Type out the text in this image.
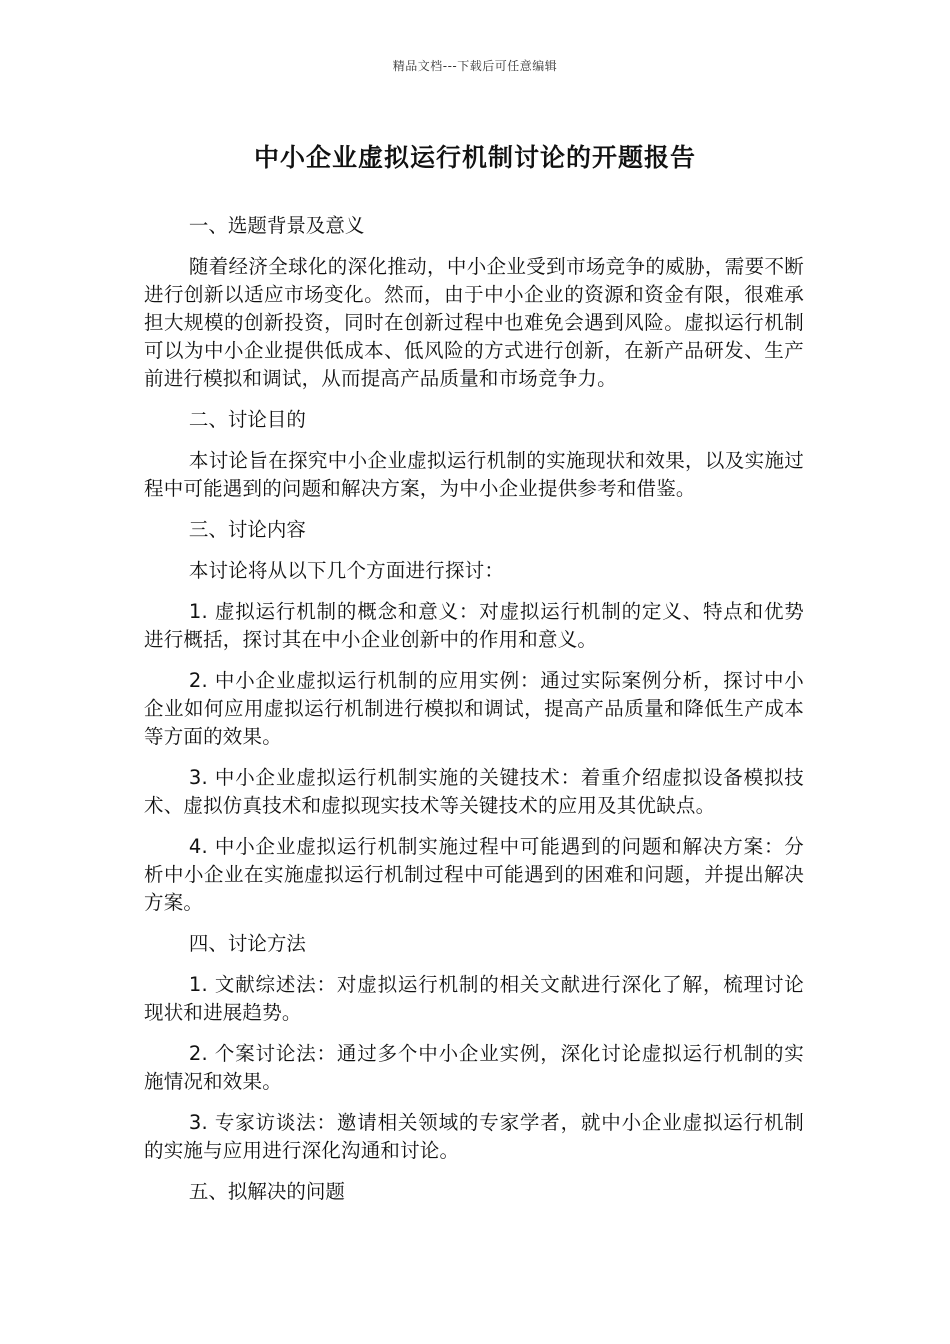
精品文档---下载后可任意编辑
中小企业虚拟运行机制讨论的开题报告

一、选题背景及意义

随着经济全球化的深化推动，中小企业受到市场竞争的威胁，需要不断进行创新以适应市场变化。然而，由于中小企业的资源和资金有限，很难承担大规模的创新投资，同时在创新过程中也难免会遇到风险。虚拟运行机制可以为中小企业提供低成本、低风险的方式进行创新，在新产品研发、生产前进行模拟和调试，从而提高产品质量和市场竞争力。

二、讨论目的

本讨论旨在探究中小企业虚拟运行机制的实施现状和效果，以及实施过程中可能遇到的问题和解决方案，为中小企业提供参考和借鉴。

三、讨论内容

本讨论将从以下几个方面进行探讨：

1. 虚拟运行机制的概念和意义：对虚拟运行机制的定义、特点和优势进行概括，探讨其在中小企业创新中的作用和意义。

2. 中小企业虚拟运行机制的应用实例：通过实际案例分析，探讨中小企业如何应用虚拟运行机制进行模拟和调试，提高产品质量和降低生产成本等方面的效果。

3. 中小企业虚拟运行机制实施的关键技术：着重介绍虚拟设备模拟技术、虚拟仿真技术和虚拟现实技术等关键技术的应用及其优缺点。

4. 中小企业虚拟运行机制实施过程中可能遇到的问题和解决方案：分析中小企业在实施虚拟运行机制过程中可能遇到的困难和问题，并提出解决方案。

四、讨论方法

1. 文献综述法：对虚拟运行机制的相关文献进行深化了解，梳理讨论现状和进展趋势。

2. 个案讨论法：通过多个中小企业实例，深化讨论虚拟运行机制的实施情况和效果。

3. 专家访谈法：邀请相关领域的专家学者，就中小企业虚拟运行机制的实施与应用进行深化沟通和讨论。

五、拟解决的问题
